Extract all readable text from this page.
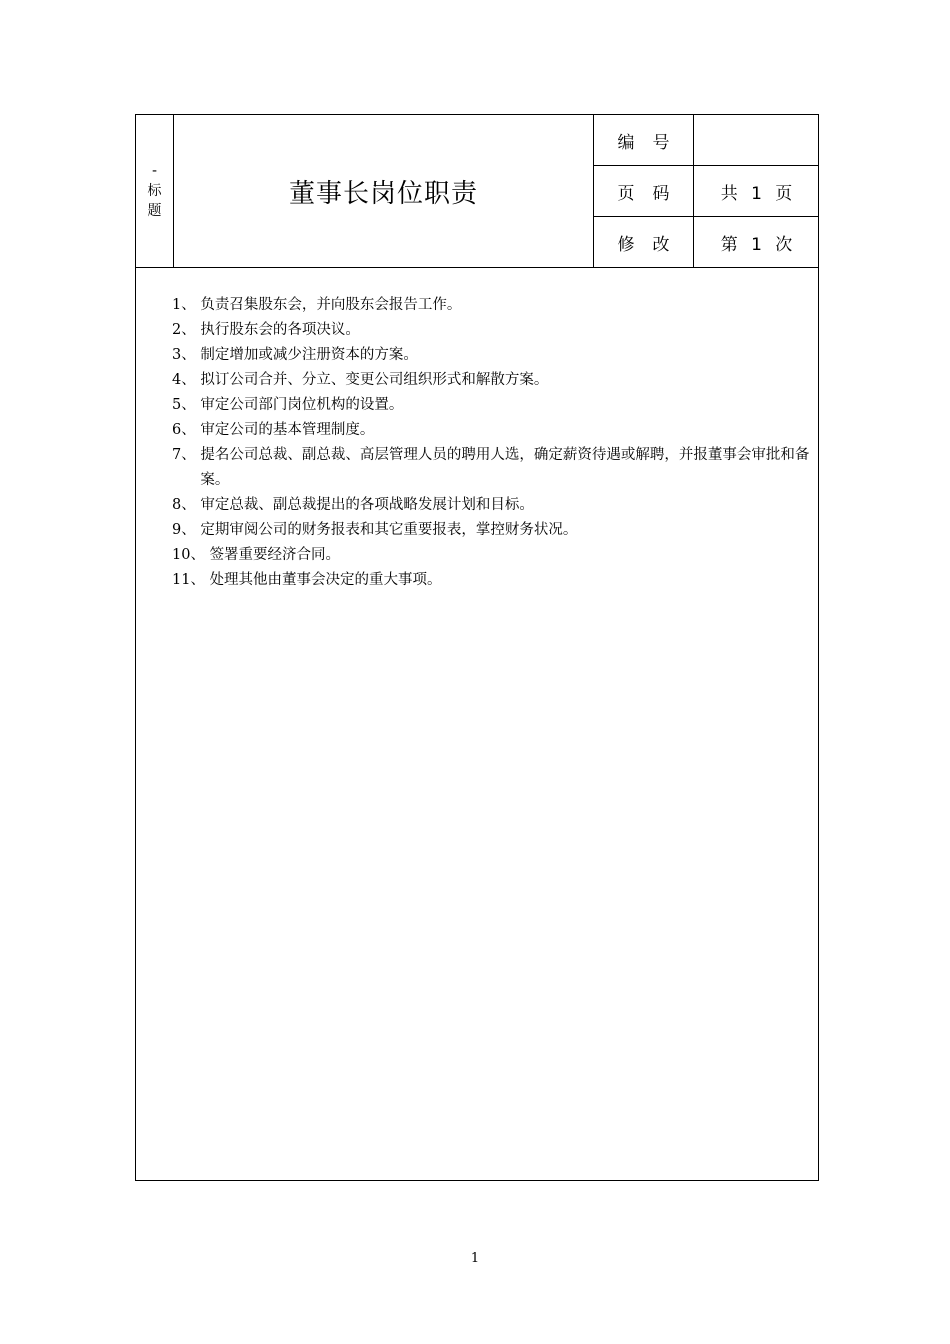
-
标
题
董事长岗位职责
编号
页码	共 1 页
修改	第 1 次
1、 负责召集股东会，并向股东会报告工作。
2、 执行股东会的各项决议。
3、 制定增加或减少注册资本的方案。
4、 拟订公司合并、分立、变更公司组织形式和解散方案。
5、 审定公司部门岗位机构的设置。
6、 审定公司的基本管理制度。
7、 提名公司总裁、副总裁、高层管理人员的聘用人选，确定薪资待遇或解聘，并报董事会审批和备案。
8、 审定总裁、副总裁提出的各项战略发展计划和目标。
9、 定期审阅公司的财务报表和其它重要报表，掌控财务状况。
10、 签署重要经济合同。
11、 处理其他由董事会决定的重大事项。
1
